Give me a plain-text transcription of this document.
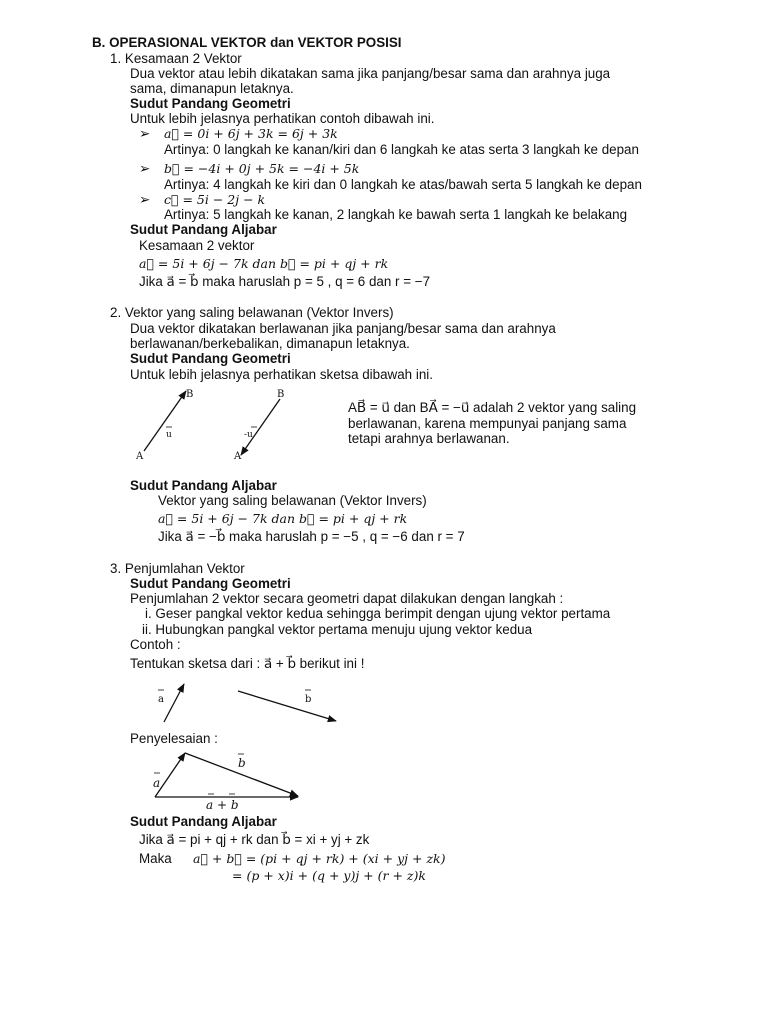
B. OPERASIONAL VEKTOR dan VEKTOR POSISI
1. Kesamaan 2 Vektor
Dua vektor atau lebih dikatakan sama jika panjang/besar sama dan arahnya juga
sama, dimanapun letaknya.
Sudut Pandang Geometri
Untuk lebih jelasnya perhatikan contoh dibawah ini.
➢ a⃗ = 0i + 6j + 3k = 6j + 3k
Artinya: 0 langkah ke kanan/kiri dan 6 langkah ke atas serta 3 langkah ke depan
➢ b⃗ = −4i + 0j + 5k = −4i + 5k
Artinya: 4 langkah ke kiri dan 0 langkah ke atas/bawah serta 5 langkah ke depan
➢ c⃗ = 5i − 2j − k
Artinya: 5 langkah ke kanan, 2 langkah ke bawah serta 1 langkah ke belakang
Sudut Pandang Aljabar
Kesamaan 2 vektor
a⃗ = 5i + 6j − 7k dan b⃗ = pi + qj + rk
Jika a⃗ = b⃗ maka haruslah p = 5 , q = 6 dan r = −7
2. Vektor yang saling belawanan (Vektor Invers)
Dua vektor dikatakan berlawanan jika panjang/besar sama dan arahnya
berlawanan/berkebalikan, dimanapun letaknya.
Sudut Pandang Geometri
Untuk lebih jelasnya perhatikan sketsa dibawah ini.
AB⃗ = u⃗ dan BA⃗ = −u⃗ adalah 2 vektor yang saling
berlawanan, karena mempunyai panjang sama
tetapi arahnya berlawanan.
Sudut Pandang Aljabar
Vektor yang saling belawanan (Vektor Invers)
a⃗ = 5i + 6j − 7k dan b⃗ = pi + qj + rk
Jika a⃗ = −b⃗ maka haruslah p = −5 , q = −6 dan r = 7
3. Penjumlahan Vektor
Sudut Pandang Geometri
Penjumlahan 2 vektor secara geometri dapat dilakukan dengan langkah :
i. Geser pangkal vektor kedua sehingga berimpit dengan ujung vektor pertama
ii. Hubungkan pangkal vektor pertama menuju ujung vektor kedua
Contoh :
Tentukan sketsa dari : a⃗ + b⃗ berikut ini !
Penyelesaian :
Sudut Pandang Aljabar
Jika a⃗ = pi + qj + rk dan b⃗ = xi + yj + zk
Maka a⃗ + b⃗ = (pi + qj + rk) + (xi + yj + zk)
= (p + x)i + (q + y)j + (r + z)k
B
A
u
B
A
-u
a	b
a
b
a + b
